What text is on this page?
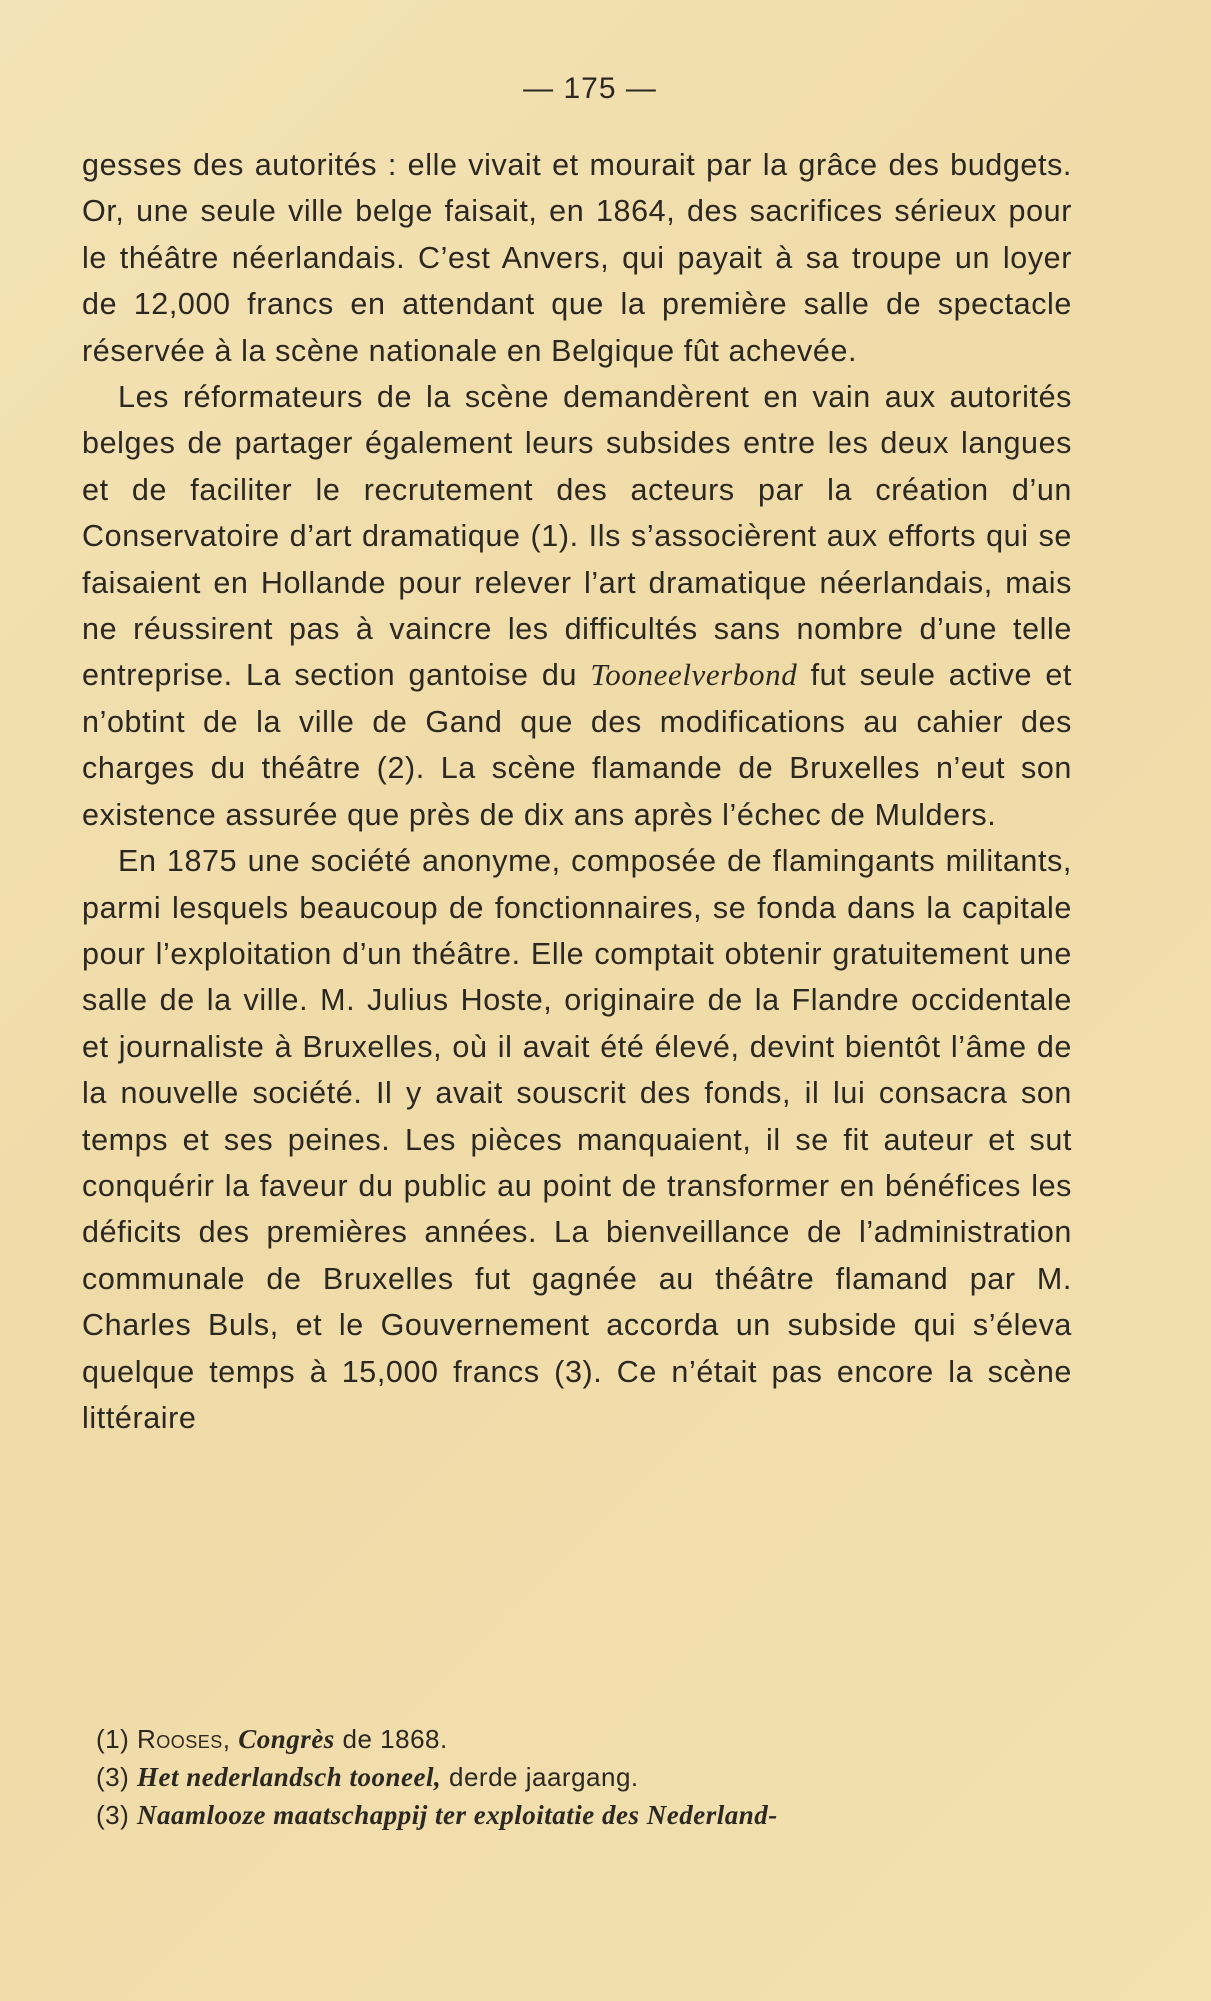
— 175 —

gesses des autorités : elle vivait et mourait par la grâce des budgets. Or, une seule ville belge faisait, en 1864, des sacrifices sérieux pour le théâtre néerlandais. C’est Anvers, qui payait à sa troupe un loyer de 12,000 francs en attendant que la première salle de spectacle réservée à la scène nationale en Belgique fût achevée.

Les réformateurs de la scène demandèrent en vain aux autorités belges de partager également leurs subsides entre les deux langues et de faciliter le recrutement des acteurs par la création d’un Conservatoire d’art dramatique (1). Ils s’associèrent aux efforts qui se faisaient en Hollande pour relever l’art dramatique néerlandais, mais ne réussirent pas à vaincre les difficultés sans nombre d’une telle entreprise. La section gantoise du Tooneelverbond fut seule active et n’obtint de la ville de Gand que des modifications au cahier des charges du théâtre (2). La scène flamande de Bruxelles n’eut son existence assurée que près de dix ans après l’échec de Mulders.

En 1875 une société anonyme, composée de flamingants militants, parmi lesquels beaucoup de fonctionnaires, se fonda dans la capitale pour l’exploitation d’un théâtre. Elle comptait obtenir gratuitement une salle de la ville. M. Julius Hoste, originaire de la Flandre occidentale et journaliste à Bruxelles, où il avait été élevé, devint bientôt l’âme de la nouvelle société. Il y avait souscrit des fonds, il lui consacra son temps et ses peines. Les pièces manquaient, il se fit auteur et sut conquérir la faveur du public au point de transformer en bénéfices les déficits des premières années. La bienveillance de l’administration communale de Bruxelles fut gagnée au théâtre flamand par M. Charles Buls, et le Gouvernement accorda un subside qui s’éleva quelque temps à 15,000 francs (3). Ce n’était pas encore la scène littéraire

(1) Rooses, Congrès de 1868.

(3) Het nederlandsch tooneel, derde jaargang.

(3) Naamlooze maatschappij ter exploitatie des Nederland-
